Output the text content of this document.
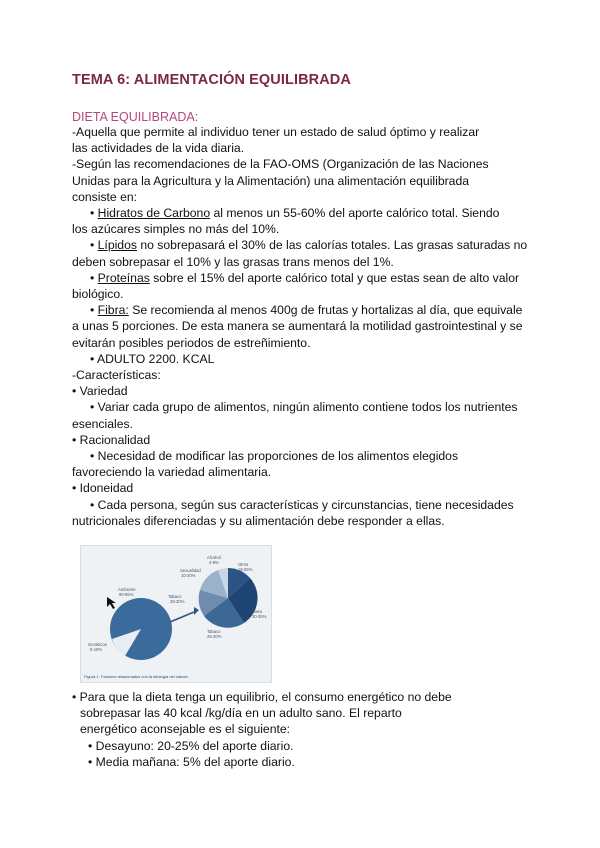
TEMA 6: ALIMENTACIÓN EQUILIBRADA
DIETA EQUILIBRADA:
-Aquella que permite al individuo tener un estado de salud óptimo y realizar
las actividades de la vida diaria.
-Según las recomendaciones de la FAO-OMS (Organización de las Naciones
Unidas para la Agricultura y la Alimentación) una alimentación equilibrada
consiste en:
• Hidratos de Carbono al menos un 55-60% del aporte calórico total. Siendo
los azúcares simples no más del 10%.
• Lípidos no sobrepasará el 30% de las calorías totales. Las grasas saturadas no
deben sobrepasar el 10% y las grasas trans menos del 1%.
• Proteínas sobre el 15% del aporte calórico total y que estas sean de alto valor
biológico.
• Fibra: Se recomienda al menos 400g de frutas y hortalizas al día, que equivale
a unas 5 porciones. De esta manera se aumentará la motilidad gastrointestinal y se
evitarán posibles periodos de estreñimiento.
• ADULTO 2200. KCAL
-Características:
• Variedad
• Variar cada grupo de alimentos, ningún alimento contiene todos los nutrientes
esenciales.
• Racionalidad
• Necesidad de modificar las proporciones de los alimentos elegidos
favoreciendo la variedad alimentaria.
• Idoneidad
• Cada persona, según sus características y circunstancias, tiene necesidades
nutricionales diferenciadas y su alimentación debe responder a ellas.
Alcohol
4-8%	Otros
15-25%
Sexualidad
10-20%
Tabaco
25-30%
Dieta
30-35%
Tabaco
25-30%
Ambiente
90-95%
Genéticos
5-10%
Figura 1. Factores relacionados con la etiología del cáncer.
• Para que la dieta tenga un equilibrio, el consumo energético no debe
sobrepasar las 40 kcal /kg/día en un adulto sano. El reparto
energético aconsejable es el siguiente:
• Desayuno: 20-25% del aporte diario.
• Media mañana: 5% del aporte diario.
